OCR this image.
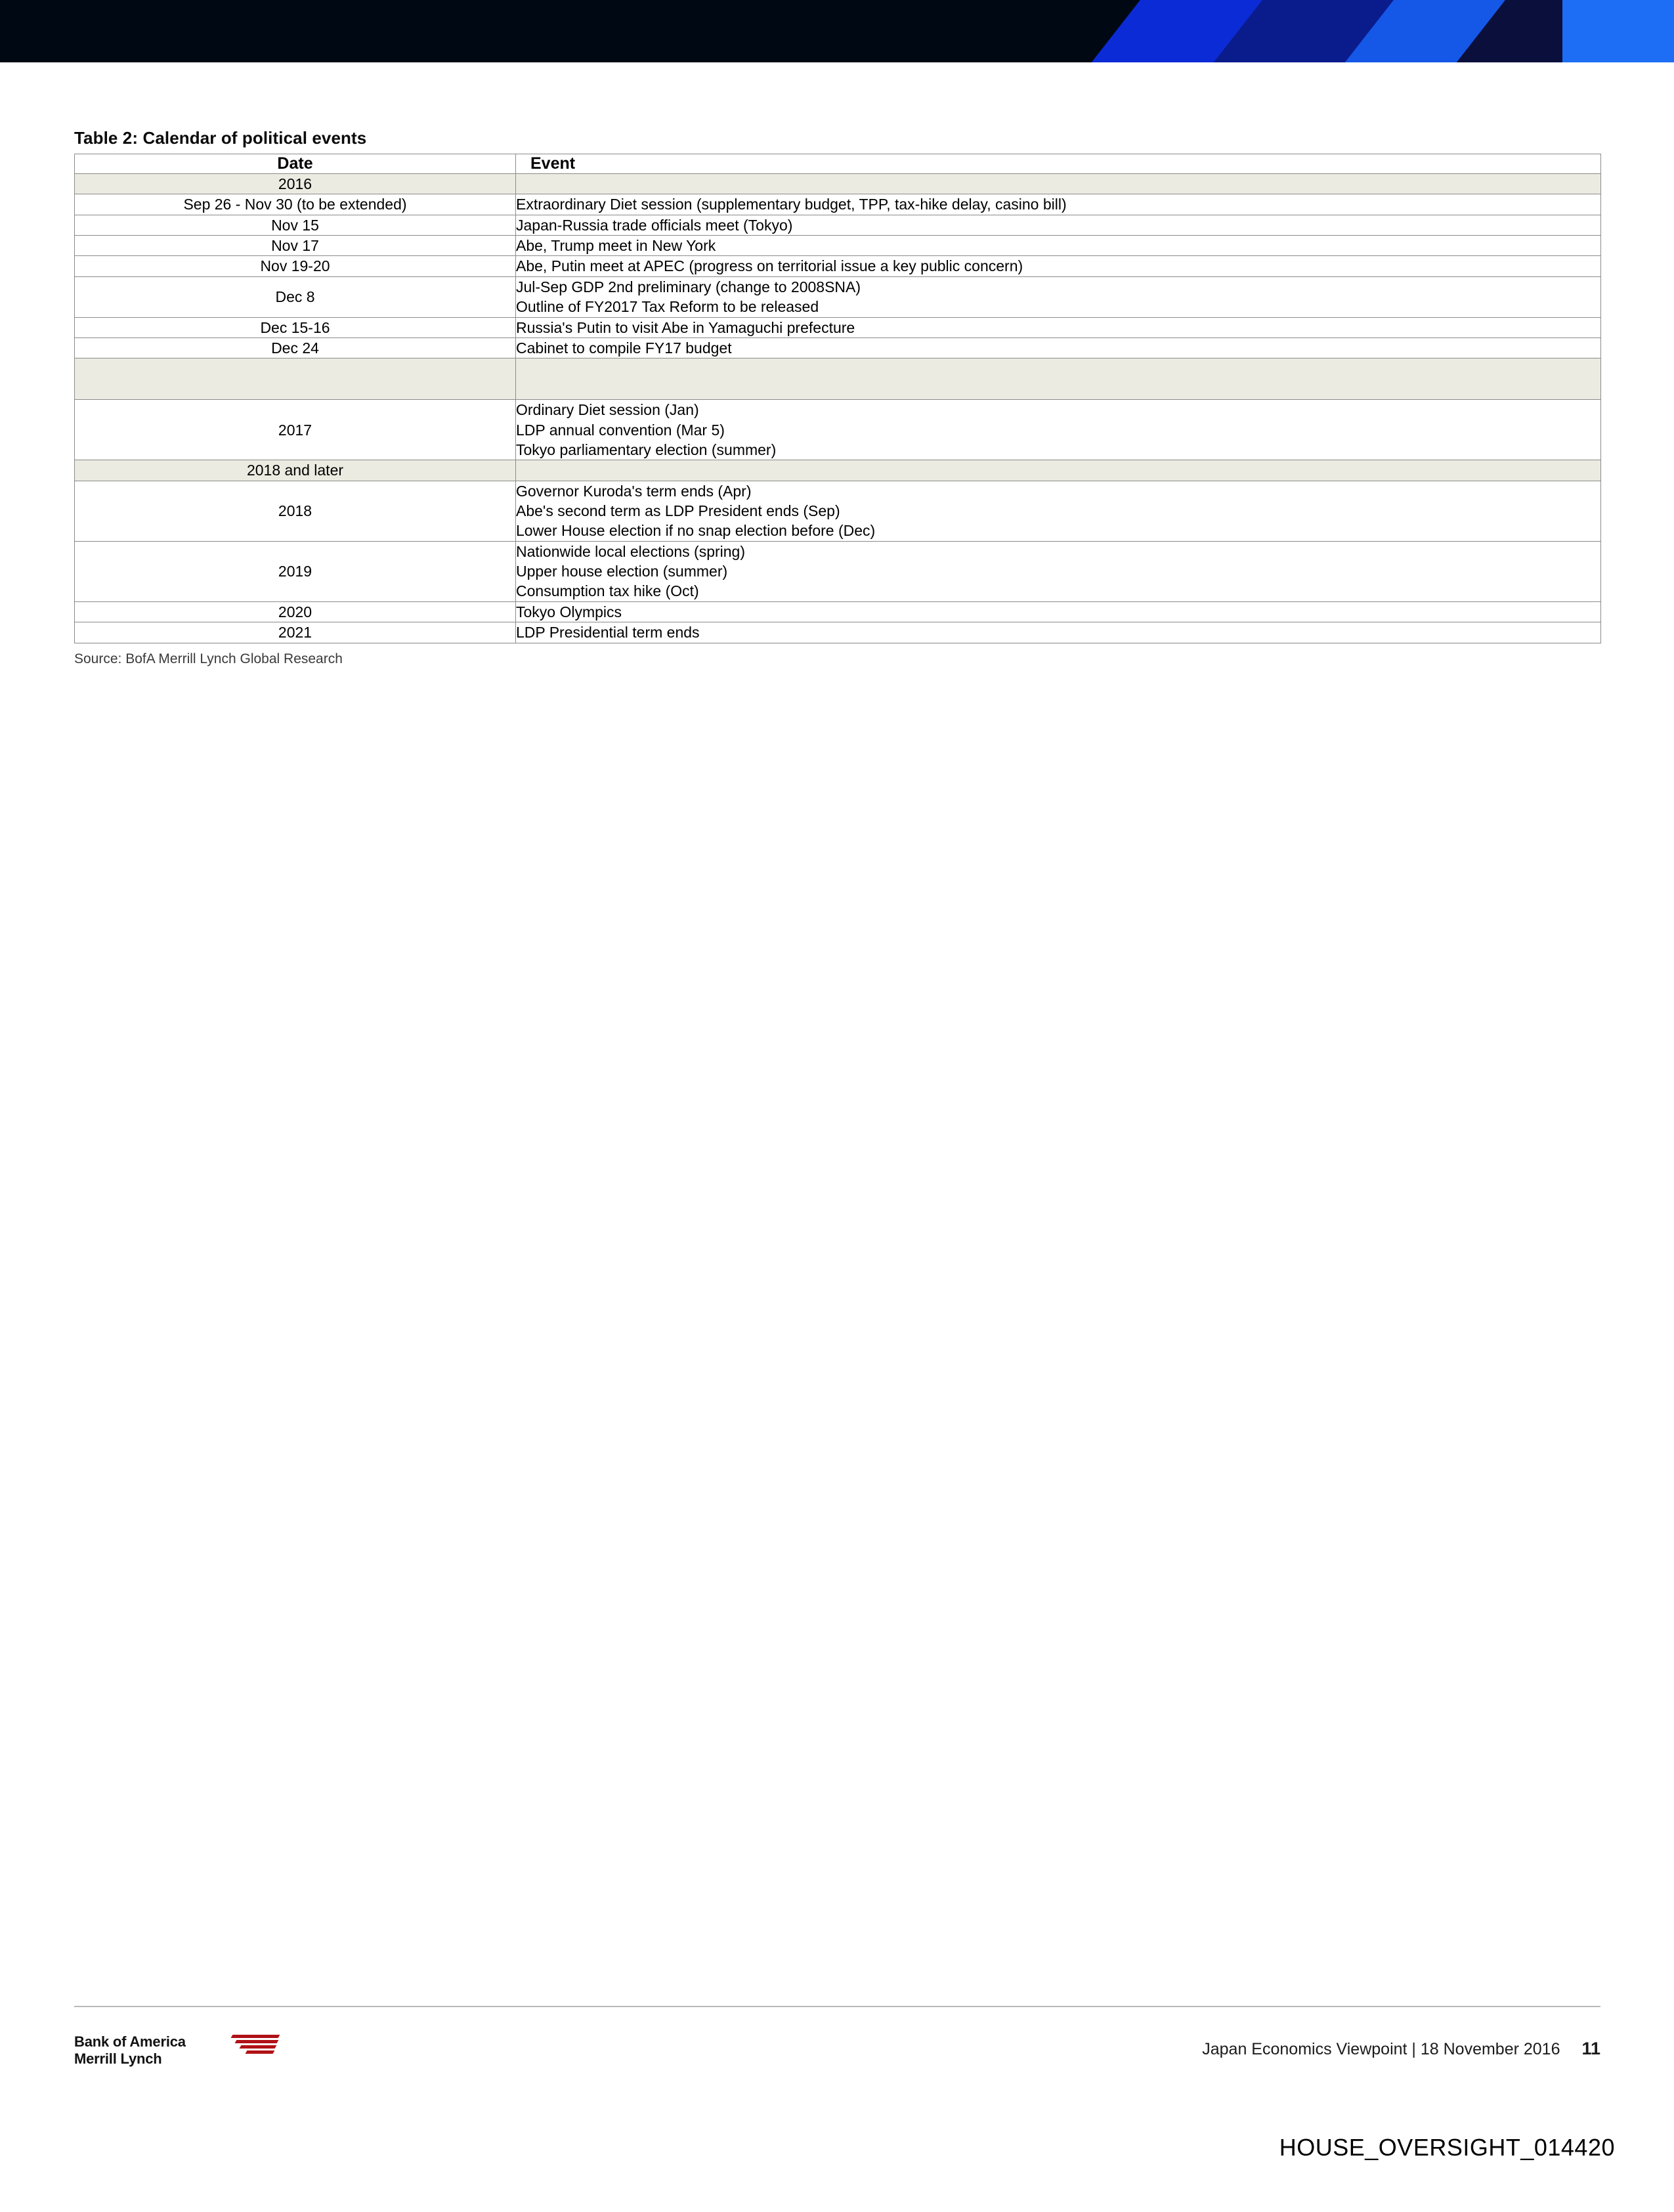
Table 2: Calendar of political events
Date	Event
2016	
Sep 26 - Nov 30 (to be extended)	Extraordinary Diet session (supplementary budget, TPP, tax-hike delay, casino bill)
Nov 15	Japan-Russia trade officials meet (Tokyo)
Nov 17	Abe, Trump meet in New York
Nov 19-20	Abe, Putin meet at APEC (progress on territorial issue a key public concern)
Dec 8	Jul-Sep GDP 2nd preliminary (change to 2008SNA)
Outline of FY2017 Tax Reform to be released

Dec 15-16	Russia's Putin to visit Abe in Yamaguchi prefecture
Dec 24	Cabinet to compile FY17 budget

2017	Ordinary Diet session (Jan)
LDP annual convention (Mar 5)
Tokyo parliamentary election (summer)

2018 and later	
2018	Governor Kuroda's term ends (Apr)
Abe's second term as LDP President ends (Sep)
Lower House election if no snap election before (Dec)

2019	Nationwide local elections (spring)
Upper house election (summer)
Consumption tax hike (Oct)

2020	Tokyo Olympics
2021	LDP Presidential term ends
Source: BofA Merrill Lynch Global Research
Bank of America
Merrill Lynch
Japan Economics Viewpoint | 18 November 2016 11
HOUSE_OVERSIGHT_014420
